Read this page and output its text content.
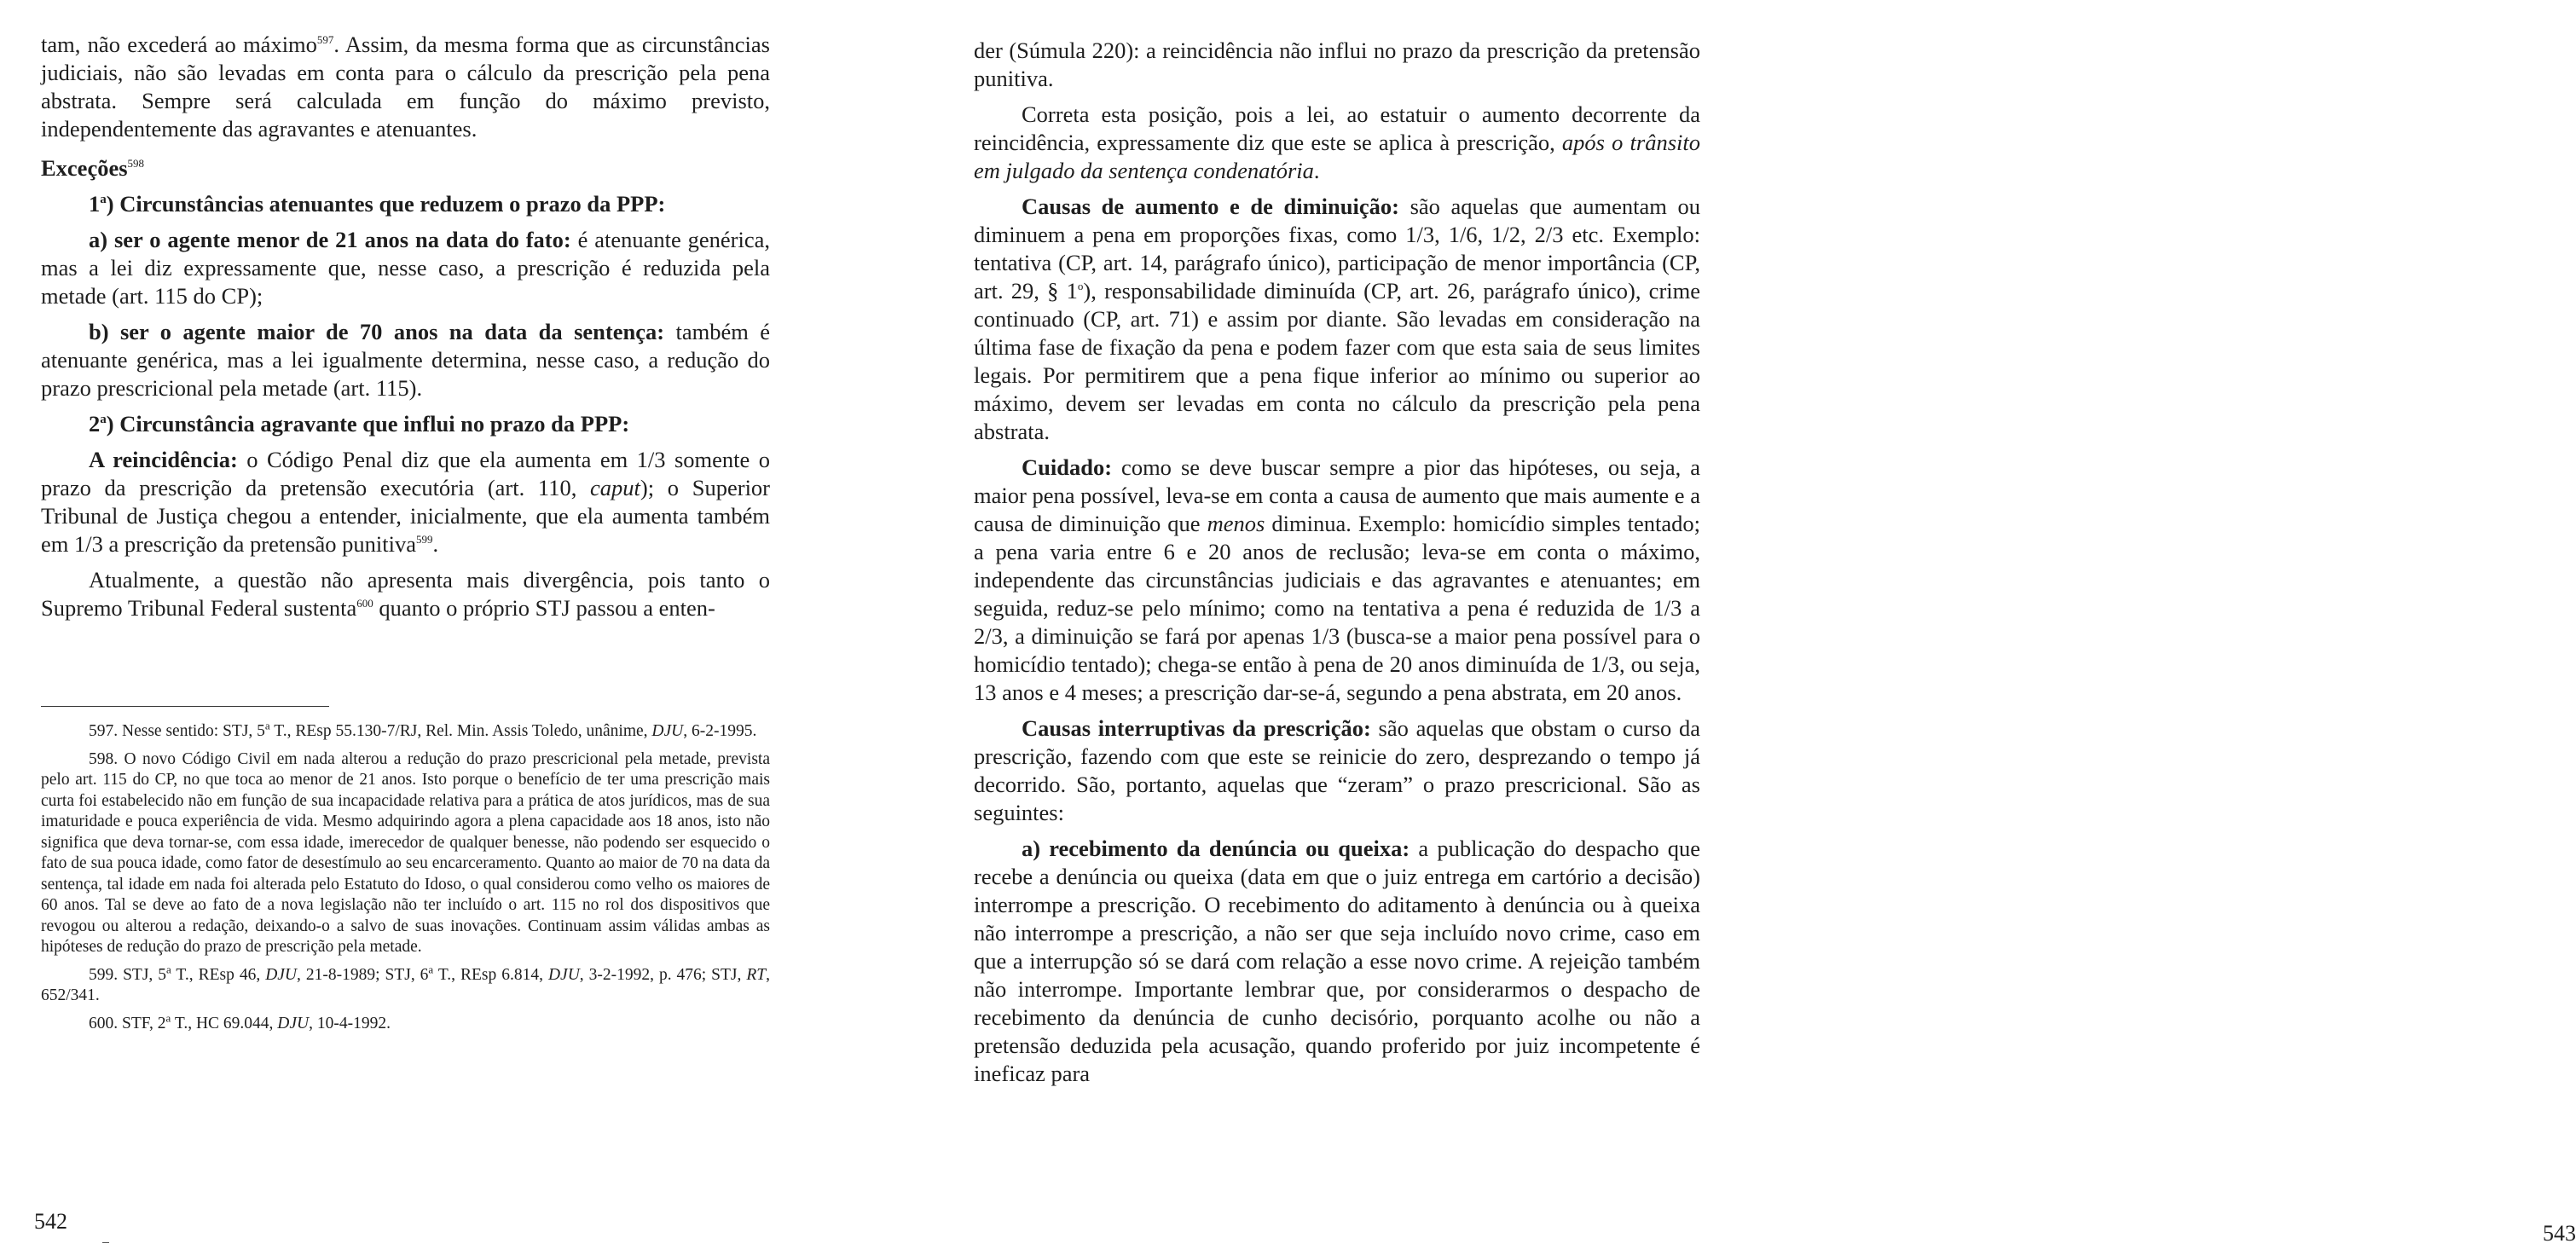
tam, não excederá ao máximo$^{597}$. Assim, da mesma forma que as circunstâncias judiciais, não são levadas em conta para o cálculo da prescrição pela pena abstrata. Sempre será calculada em função do máximo previsto, independentemente das agravantes e atenuantes.

Exceções$^{598}$

1$^a$) Circunstâncias atenuantes que reduzem o prazo da PPP:

a) ser o agente menor de 21 anos na data do fato: é atenuante genérica, mas a lei diz expressamente que, nesse caso, a prescrição é reduzida pela metade (art. 115 do CP);

b) ser o agente maior de 70 anos na data da sentença: também é atenuante genérica, mas a lei igualmente determina, nesse caso, a redução do prazo prescricional pela metade (art. 115).

2$^a$) Circunstância agravante que influi no prazo da PPP:

A reincidência: o Código Penal diz que ela aumenta em 1/3 somente o prazo da prescrição da pretensão executória (art. 110, caput); o Superior Tribunal de Justiça chegou a entender, inicialmente, que ela aumenta também em 1/3 a prescrição da pretensão punitiva$^{599}$.

Atualmente, a questão não apresenta mais divergência, pois tanto o Supremo Tribunal Federal sustenta$^{600}$ quanto o próprio STJ passou a enten-

597. Nesse sentido: STJ, 5$^a$ T., REsp 55.130-7/RJ, Rel. Min. Assis Toledo, unânime, DJU, 6-2-1995.

598. O novo Código Civil em nada alterou a redução do prazo prescricional pela metade, prevista pelo art. 115 do CP, no que toca ao menor de 21 anos. Isto porque o benefício de ter uma prescrição mais curta foi estabelecido não em função de sua incapacidade relativa para a prática de atos jurídicos, mas de sua imaturidade e pouca experiência de vida. Mesmo adquirindo agora a plena capacidade aos 18 anos, isto não significa que deva tornar-se, com essa idade, imerecedor de qualquer benesse, não podendo ser esquecido o fato de sua pouca idade, como fator de desestímulo ao seu encarceramento. Quanto ao maior de 70 na data da sentença, tal idade em nada foi alterada pelo Estatuto do Idoso, o qual considerou como velho os maiores de 60 anos. Tal se deve ao fato de a nova legislação não ter incluído o art. 115 no rol dos dispositivos que revogou ou alterou a redação, deixando-o a salvo de suas inovações. Continuam assim válidas ambas as hipóteses de redução do prazo de prescrição pela metade.

599. STJ, 5$^a$ T., REsp 46, DJU, 21-8-1989; STJ, 6$^a$ T., REsp 6.814, DJU, 3-2-1992, p. 476; STJ, RT, 652/341.

600. STF, 2$^a$ T., HC 69.044, DJU, 10-4-1992.

542

der (Súmula 220): a reincidência não influi no prazo da prescrição da pretensão punitiva.

Correta esta posição, pois a lei, ao estatuir o aumento decorrente da reincidência, expressamente diz que este se aplica à prescrição, após o trânsito em julgado da sentença condenatória.

Causas de aumento e de diminuição: são aquelas que aumentam ou diminuem a pena em proporções fixas, como 1/3, 1/6, 1/2, 2/3 etc. Exemplo: tentativa (CP, art. 14, parágrafo único), participação de menor importância (CP, art. 29, § 1$^o$), responsabilidade diminuída (CP, art. 26, parágrafo único), crime continuado (CP, art. 71) e assim por diante. São levadas em consideração na última fase de fixação da pena e podem fazer com que esta saia de seus limites legais. Por permitirem que a pena fique inferior ao mínimo ou superior ao máximo, devem ser levadas em conta no cálculo da prescrição pela pena abstrata.

Cuidado: como se deve buscar sempre a pior das hipóteses, ou seja, a maior pena possível, leva-se em conta a causa de aumento que mais aumente e a causa de diminuição que menos diminua. Exemplo: homicídio simples tentado; a pena varia entre 6 e 20 anos de reclusão; leva-se em conta o máximo, independente das circunstâncias judiciais e das agravantes e atenuantes; em seguida, reduz-se pelo mínimo; como na tentativa a pena é reduzida de 1/3 a 2/3, a diminuição se fará por apenas 1/3 (busca-se a maior pena possível para o homicídio tentado); chega-se então à pena de 20 anos diminuída de 1/3, ou seja, 13 anos e 4 meses; a prescrição dar-se-á, segundo a pena abstrata, em 20 anos.

Causas interruptivas da prescrição: são aquelas que obstam o curso da prescrição, fazendo com que este se reinicie do zero, desprezando o tempo já decorrido. São, portanto, aquelas que “zeram” o prazo prescricional. São as seguintes:

a) recebimento da denúncia ou queixa: a publicação do despacho que recebe a denúncia ou queixa (data em que o juiz entrega em cartório a decisão) interrompe a prescrição. O recebimento do aditamento à denúncia ou à queixa não interrompe a prescrição, a não ser que seja incluído novo crime, caso em que a interrupção só se dará com relação a esse novo crime. A rejeição também não interrompe. Importante lembrar que, por considerarmos o despacho de recebimento da denúncia de cunho decisório, porquanto acolhe ou não a pretensão deduzida pela acusação, quando proferido por juiz incompetente é ineficaz para

543
